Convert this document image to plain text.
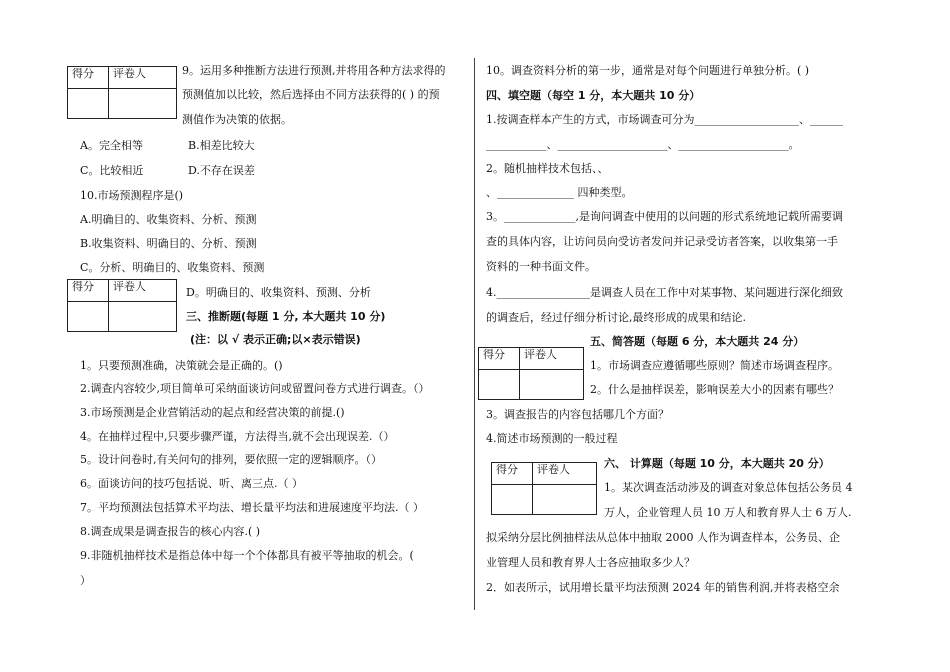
得分	评卷人

得分	评卷人

得分	评卷人

得分	评卷人

9。运用多种推断方法进行预测,并将用各种方法求得的
预测值加以比较，然后选择由不同方法获得的( ) 的预
测值作为决策的依据。
A。完全相等	B.相差比较大
C。比较相近	D.不存在误差
10.市场预测程序是()
A.明确目的、收集资料、分析、预测
B.收集资料、明确目的、分析、预测
C。分析、明确目的、收集资料、预测
D。明确目的、收集资料、预测、分析
三、推断题(每题 1 分, 本大题共 10 分)
(注：以 √ 表示正确;以×表示错误)
1。只要预测准确，决策就会是正确的。()
2.调查内容较少,项目简单可采纳面谈访问或留置问卷方式进行调查。（）
3.市场预测是企业营销活动的起点和经营决策的前提.()
4。在抽样过程中,只要步骤严谨，方法得当,就不会出现误差.（）
5。设计问卷时,有关问句的排列，要依照一定的逻辑顺序。（）
6。面谈访问的技巧包括说、听、离三点.（ ）
7。平均预测法包括算术平均法、增长量平均法和进展速度平均法.（ ）
8.调查成果是调查报告的核心内容.( )
9.非随机抽样技术是指总体中每一个个体都具有被平等抽取的机会。(
）
10。调查资料分析的第一步，通常是对每个问题进行单独分析。( )
四、填空题（每空 1 分，本大题共 10 分）
1.按调查样本产生的方式，市场调查可分为___________________、______
___________、____________________、____________________。
2。随机抽样技术包括、、
、______________ 四种类型。
3。_____________,是询问调查中使用的以问题的形式系统地记载所需要调
查的具体内容，让访问员向受访者发问并记录受访者答案，以收集第一手
资料的一种书面文件。
4._________________是调查人员在工作中对某事物、某问题进行深化细致
的调查后，经过仔细分析讨论,最终形成的成果和结论.
五、简答题（每题 6 分，本大题共 24 分）
1。市场调查应遵循哪些原则？简述市场调查程序。
2。什么是抽样误差，影响误差大小的因素有哪些？
3。调查报告的内容包括哪几个方面？
4.简述市场预测的一般过程
六、 计算题（每题 10 分，本大题共 20 分）
1。某次调查活动涉及的调查对象总体包括公务员 4
万人，企业管理人员 10 万人和教育界人士 6 万人.
拟采纳分层比例抽样法从总体中抽取 2000 人作为调查样本，公务员、企
业管理人员和教育界人士各应抽取多少人？
2．如表所示，试用增长量平均法预测 2024 年的销售利润,并将表格空余
